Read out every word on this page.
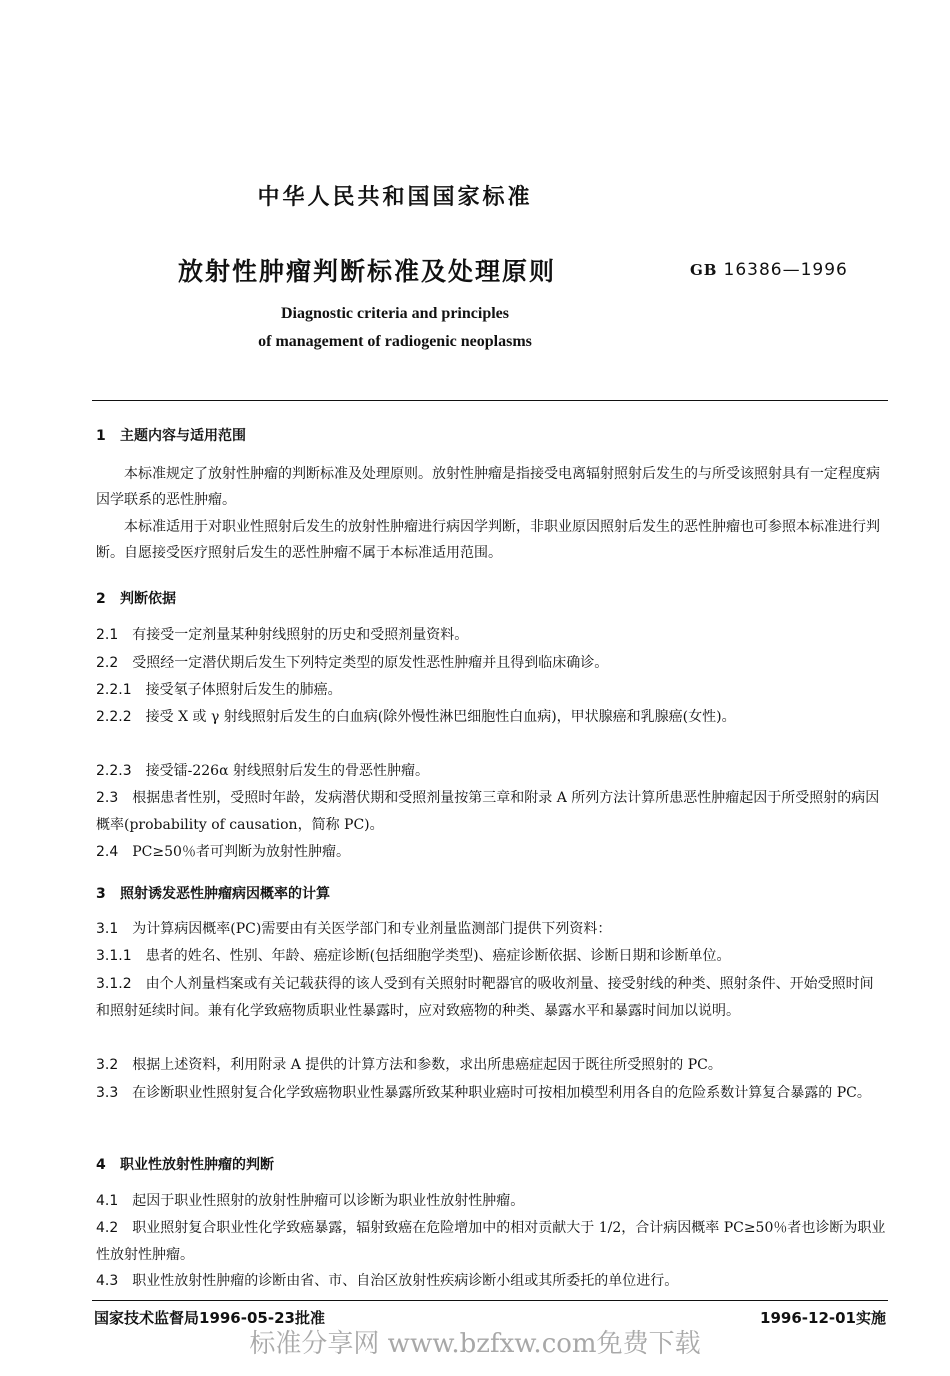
中华人民共和国国家标准
放射性肿瘤判断标准及处理原则	GB 16386—1996
Diagnostic criteria and principles
of management of radiogenic neoplasms
1 主题内容与适用范围
本标准规定了放射性肿瘤的判断标准及处理原则。放射性肿瘤是指接受电离辐射照射后发生的与所受该照射具有一定程度病因学联系的恶性肿瘤。
本标准适用于对职业性照射后发生的放射性肿瘤进行病因学判断，非职业原因照射后发生的恶性肿瘤也可参照本标准进行判断。自愿接受医疗照射后发生的恶性肿瘤不属于本标准适用范围。
2 判断依据
2.1 有接受一定剂量某种射线照射的历史和受照剂量资料。
2.2 受照经一定潜伏期后发生下列特定类型的原发性恶性肿瘤并且得到临床确诊。
2.2.1 接受氡子体照射后发生的肺癌。
2.2.2 接受 X 或 γ 射线照射后发生的白血病(除外慢性淋巴细胞性白血病)，甲状腺癌和乳腺癌(女性)。
2.2.3 接受镭-226α 射线照射后发生的骨恶性肿瘤。
2.3 根据患者性别，受照时年龄，发病潜伏期和受照剂量按第三章和附录 A 所列方法计算所患恶性肿瘤起因于所受照射的病因概率(probability of causation，简称 PC)。
2.4 PC≥50％者可判断为放射性肿瘤。
3 照射诱发恶性肿瘤病因概率的计算
3.1 为计算病因概率(PC)需要由有关医学部门和专业剂量监测部门提供下列资料：
3.1.1 患者的姓名、性别、年龄、癌症诊断(包括细胞学类型)、癌症诊断依据、诊断日期和诊断单位。
3.1.2 由个人剂量档案或有关记载获得的该人受到有关照射时靶器官的吸收剂量、接受射线的种类、照射条件、开始受照时间和照射延续时间。兼有化学致癌物质职业性暴露时，应对致癌物的种类、暴露水平和暴露时间加以说明。
3.2 根据上述资料，利用附录 A 提供的计算方法和参数，求出所患癌症起因于既往所受照射的 PC。
3.3 在诊断职业性照射复合化学致癌物职业性暴露所致某种职业癌时可按相加模型利用各自的危险系数计算复合暴露的 PC。
4 职业性放射性肿瘤的判断
4.1 起因于职业性照射的放射性肿瘤可以诊断为职业性放射性肿瘤。
4.2 职业照射复合职业性化学致癌暴露，辐射致癌在危险增加中的相对贡献大于 1/2，合计病因概率 PC≥50％者也诊断为职业性放射性肿瘤。
4.3 职业性放射性肿瘤的诊断由省、市、自治区放射性疾病诊断小组或其所委托的单位进行。
国家技术监督局1996-05-23批准	1996-12-01实施
标准分享网 www.bzfxw.com免费下载
